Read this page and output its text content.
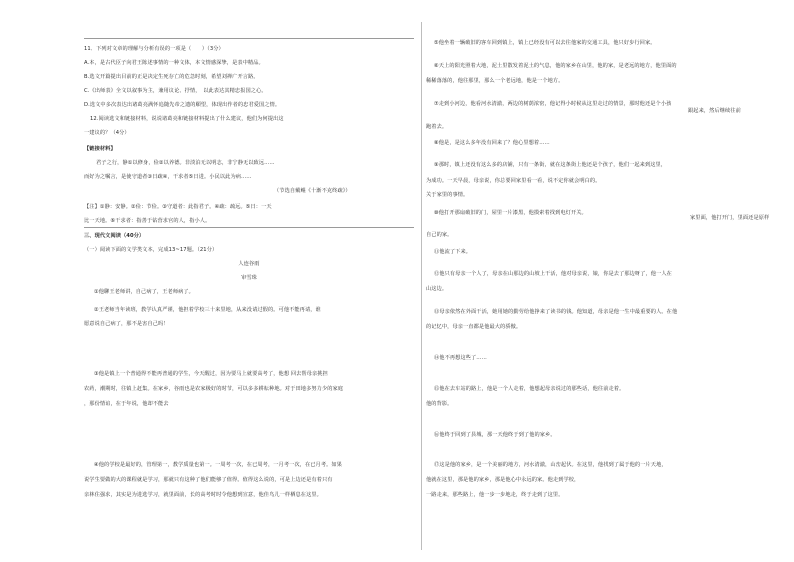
11．下列对文章的理解与分析有误的一项是（　　）（3分）
A.本，是古代臣子向君王陈述事情的一种文体，本文情感深挚，是表中精品。
B.选文开篇提出目前的正是决定生死存亡的危急时刻，希望刘禅广开言路。
C.《出师表》全文以叙事为主，兼用议论、抒情，　以此表达其精忠报国之心。
D.选文中多次表达出诸葛亮满怀追随先帝之遗的願望，体现出作者的忠君爱国之情。
12.阅读选文和链接材料，说说诸葛亮和链接材料提出了什么建议，他们为何提出这
一建议的？（4分）
【链接材料】
君子之行，静①以修身，俭②以养德。非淡泊无以明志，非宁静无以致远……
而好为之嘱言，是使守道者③日疏④，干求者⑤日进。小民以此为病……
（节选自戴鲲《十渐不克终疏》）
【注】①静：安静。②俭：节俭。③守道者：此指君子。④疏：疏远。⑤日：一天
比一天地。⑥干求者：指善于钻营求官的人，指小人。
三、现代文阅读（40分）
（一）阅读下面的文学类文本，完成13~17题。（21分）
人连谷雨
审雪珠
①他聊王老师讲，自己病了，王老师病了。
②王老师当年读班，教学认真严谨，他担着学校三十来里地，从来没请过假的。可他不能再请，谁
愿意说自己病了，那不是害自己吗！
③他是镇上一个普通得不能再普通的学生，今天醒过，因为要马上就要高考了，他想 回去帮母亲挑担
农药，潮期时，往镇上赶集。在家乡，谷雨也是农家极好的时节，可以多多耕耘种地。对于田地多努力少的家庭
，那份情谊，在于年说，他却不能去
④他的学校是最好的，管理第一，教学质量也第一。一周考一次，在已周考，一月考一次，在已月考。如果
说学生要做的大的课程就是学习，那就只有这种了他们能够了值得。值得这么说的，可是上边还是有着只有
亲林住强求，其实是为进选学习，就里面前，长的高考时时令他想到宣意，他佳鸟儿一样栖息在这里。
⑤他坐着一辆破旧的客车回到镇上，镇上已经没有可以去往他家的交通工具，他只好步行回家。
⑥天上的阳光照着大地，泥土里散发着泥土的气息，他的家乡在山里，他的家，是老远的地方，他里面的
稀稀落落的，他往那里，那么一个老远地，他是一个地方。
⑦走到小河边，他看河水清澈，两边的树荫浓密，他记得小时候从这里走过的情景，那时他还是个小孩
跟起来，然后继续往前
跑着去。
⑧他是，是这么多年没有回来了？他心里想着……
⑨那时，镇上还没有这么多的店铺，只有一条街，就在这条街上他还是个孩子，他们一起来到这里，
为成功。一天早晨，母亲说，你总要回家里看一看，说不定你就会明白的。
关于家里的事情。
⑩他打开那扇破旧的门，屋里一片漆黑，他摸索着找到电灯开关。
家里面，他打开门，里面还是原样
自己的家。
⑪他流了下来。
⑫他只有母亲一个人了，母亲在山那边的山坡上干活，他对母亲说，娘，你是去了那边呀了，他一人在
山这边。
⑬母亲依然在外面干活，她用她的勤劳给他挣来了读书的钱。他知道，母亲是他一生中最重要的人。在他
的记忆中，母亲一直都是他最大的骄傲。
⑭他不再想这些了……
⑮他在去车站的路上，他是一个人走着，他想起母亲说过的那些话，他往前走着。
他的背影。
⑯他终于回到了县城，那一天他终于到了他的家乡。
⑰这是他的家乡，是一个美丽的地方，河水清澈，山峦起伏。在这里，他找到了属于他的一片天地，
他就在这里，那是他的家乡，那是他心中永远的家。他走到学校，
一路走来，那些路上，他一步一步地走，终于走到了这里。
